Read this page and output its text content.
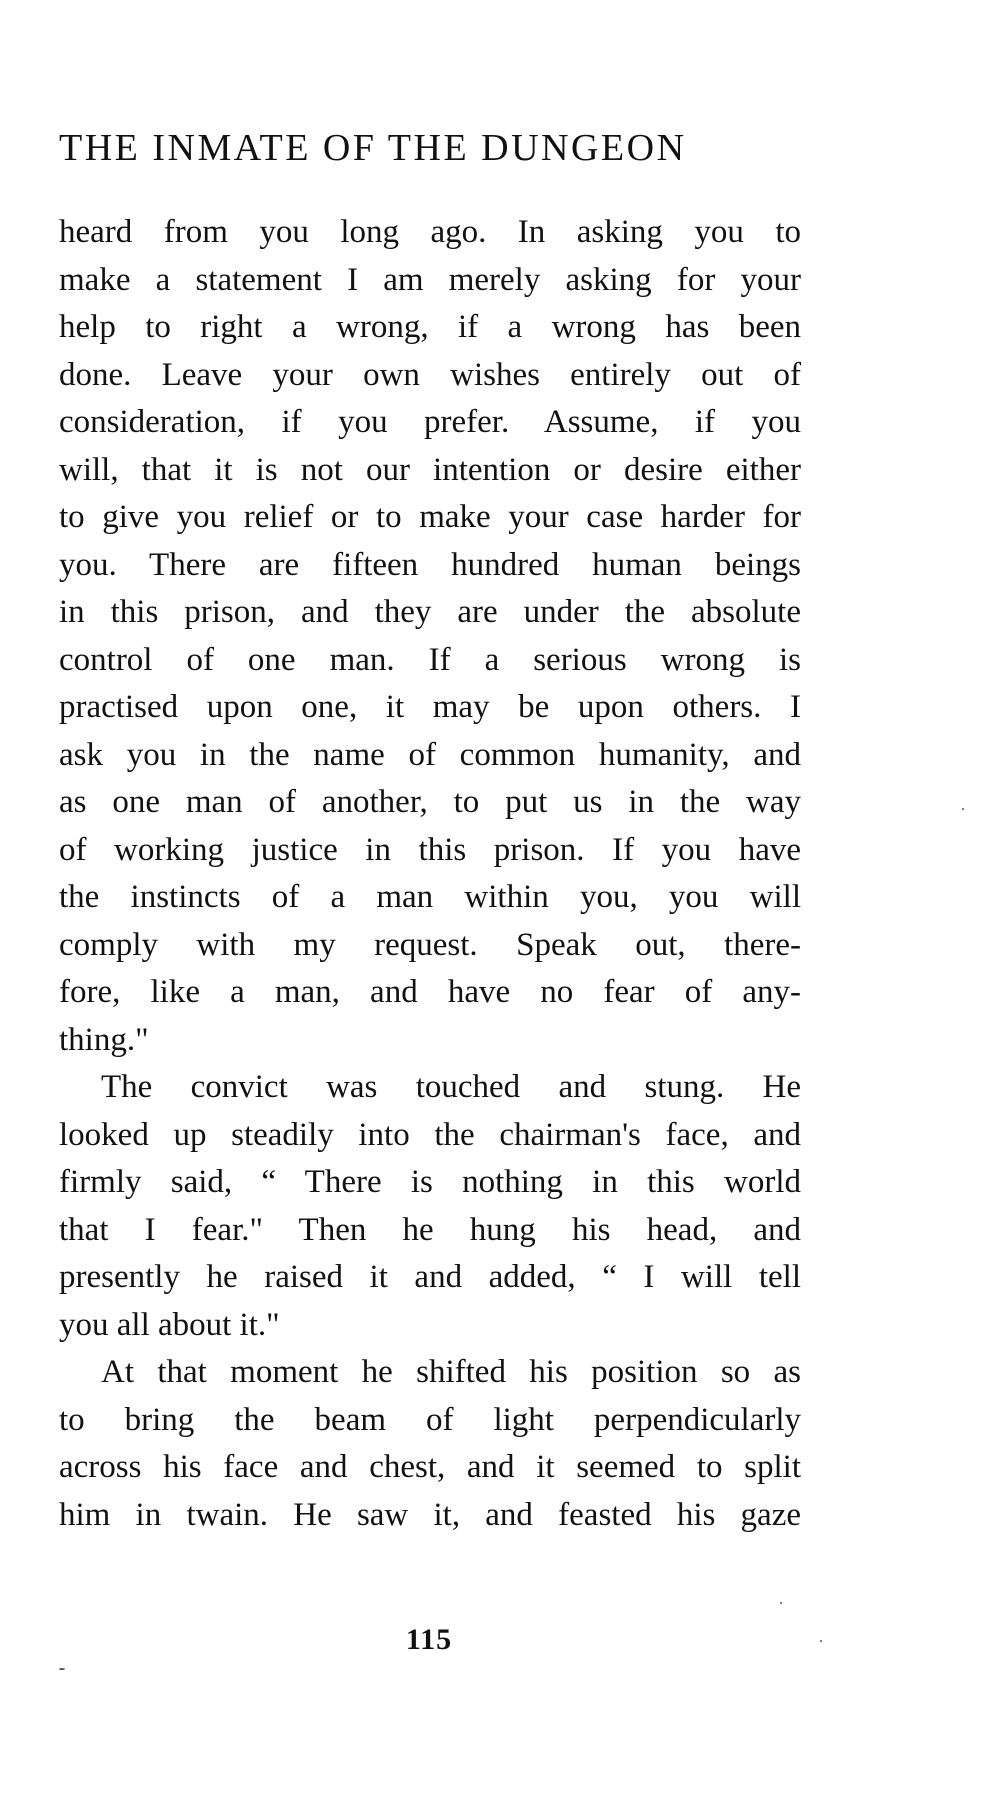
THE INMATE OF THE DUNGEON
heard from you long ago. In asking you to
make a statement I am merely asking for your
help to right a wrong, if a wrong has been
done. Leave your own wishes entirely out of
consideration, if you prefer. Assume, if you
will, that it is not our intention or desire either
to give you relief or to make your case harder for
you. There are fifteen hundred human beings
in this prison, and they are under the absolute
control of one man. If a serious wrong is
practised upon one, it may be upon others. I
ask you in the name of common humanity, and
as one man of another, to put us in the way
of working justice in this prison. If you have
the instincts of a man within you, you will
comply with my request. Speak out, there-
fore, like a man, and have no fear of any-
thing."
The convict was touched and stung. He
looked up steadily into the chairman's face, and
firmly said, “ There is nothing in this world
that I fear." Then he hung his head, and
presently he raised it and added, “ I will tell
you all about it."
At that moment he shifted his position so as
to bring the beam of light perpendicularly
across his face and chest, and it seemed to split
him in twain. He saw it, and feasted his gaze
115
